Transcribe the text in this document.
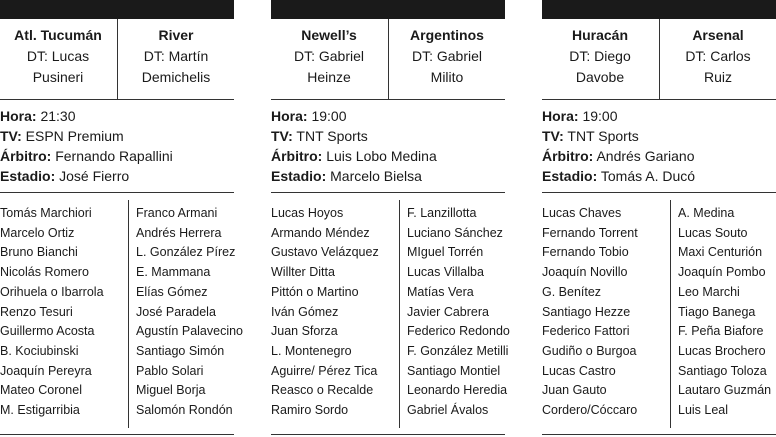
Atl. Tucumán
DT: Lucas
Pusineri
River
DT: Martín
Demichelis
Hora: 21:30
TV: ESPN Premium
Árbitro: Fernando Rapallini
Estadio: José Fierro
Tomás Marchiori
Marcelo Ortiz
Bruno Bianchi
Nicolás Romero
Orihuela o Ibarrola
Renzo Tesuri
Guillermo Acosta
B. Kociubinski
Joaquín Pereyra
Mateo Coronel
M. Estigarribia
Franco Armani
Andrés Herrera
L. González Pírez
E. Mammana
Elías Gómez
José Paradela
Agustín Palavecino
Santiago Simón
Pablo Solari
Miguel Borja
Salomón Rondón
Newell’s
DT: Gabriel
Heinze
Argentinos
DT: Gabriel
Milito
Hora: 19:00
TV: TNT Sports
Árbitro: Luis Lobo Medina
Estadio: Marcelo Bielsa
Lucas Hoyos
Armando Méndez
Gustavo Velázquez
Willter Ditta
Pittón o Martino
Iván Gómez
Juan Sforza
L. Montenegro
Aguirre/ Pérez Tica
Reasco o Recalde
Ramiro Sordo
F. Lanzillotta
Luciano Sánchez
MIguel Torrén
Lucas Villalba
Matías Vera
Javier Cabrera
Federico Redondo
F. González Metilli
Santiago Montiel
Leonardo Heredia
Gabriel Ávalos
Huracán
DT: Diego
Davobe
Arsenal
DT: Carlos
Ruiz
Hora: 19:00
TV: TNT Sports
Árbitro: Andrés Gariano
Estadio: Tomás A. Ducó
Lucas Chaves
Fernando Torrent
Fernando Tobio
Joaquín Novillo
G. Benítez
Santiago Hezze
Federico Fattori
Gudiño o Burgoa
Lucas Castro
Juan Gauto
Cordero/Cóccaro
A. Medina
Lucas Souto
Maxi Centurión
Joaquín Pombo
Leo Marchi
Tiago Banega
F. Peña Biafore
Lucas Brochero
Santiago Toloza
Lautaro Guzmán
Luis Leal
